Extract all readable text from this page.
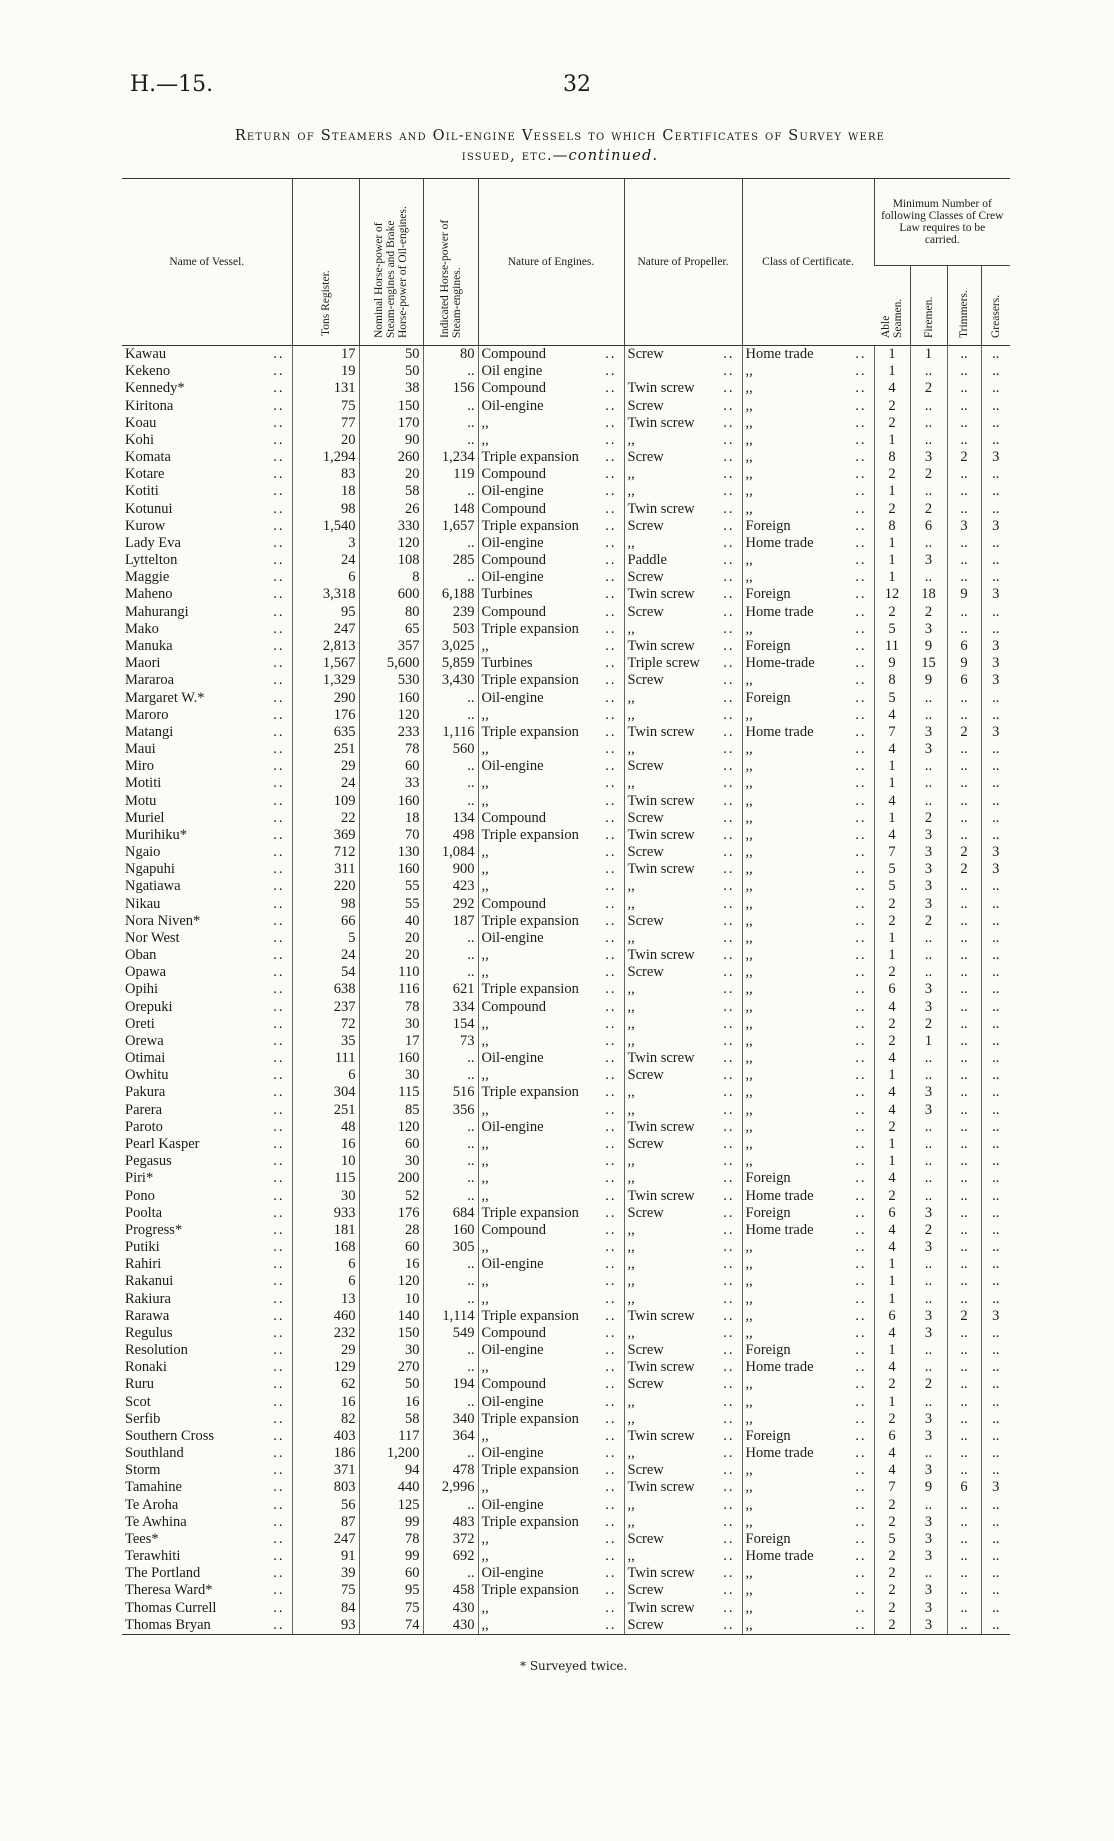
H.—15.	32
Return of Steamers and Oil-engine Vessels to which Certificates of Survey were
issued, etc.—continued.
Name of Vessel.	Tons Register.	Nominal Horse-power of Steam-engines and Brake Horse-power of Oil-engines.	Indicated Horse-power of Steam-engines.	Nature of Engines.	Nature of Propeller.	Class of Certificate.	Minimum Number of following Classes of Crew Law requires to be carried.			
							Able Seamen.	Firemen.	Trimmers.	Greasers.

Kawau ..	17	50	80	Compound ..	Screw ..	Home trade ..	1	1	..	..

Kekeno ..	19	50	..	Oil engine ..	..	,, ..	1	..	..	..

Kennedy* ..	131	38	156	Compound ..	Twin screw ..	,, ..	4	2	..	..

Kiritona ..	75	150	..	Oil-engine ..	Screw ..	,, ..	2	..	..	..

Koau ..	77	170	..	,, ..	Twin screw ..	,, ..	2	..	..	..

Kohi ..	20	90	..	,, ..	,, ..	,, ..	1	..	..	..

Komata ..	1,294	260	1,234	Triple expansion ..	Screw ..	,, ..	8	3	2	3

Kotare ..	83	20	119	Compound ..	,, ..	,, ..	2	2	..	..

Kotiti ..	18	58	..	Oil-engine ..	,, ..	,, ..	1	..	..	..

Kotunui ..	98	26	148	Compound ..	Twin screw ..	,, ..	2	2	..	..

Kurow ..	1,540	330	1,657	Triple expansion ..	Screw ..	Foreign ..	8	6	3	3

Lady Eva ..	3	120	..	Oil-engine ..	,, ..	Home trade ..	1	..	..	..

Lyttelton ..	24	108	285	Compound ..	Paddle ..	,, ..	1	3	..	..

Maggie ..	6	8	..	Oil-engine ..	Screw ..	,, ..	1	..	..	..

Maheno ..	3,318	600	6,188	Turbines ..	Twin screw ..	Foreign ..	12	18	9	3

Mahurangi ..	95	80	239	Compound ..	Screw ..	Home trade ..	2	2	..	..

Mako ..	247	65	503	Triple expansion ..	,, ..	,, ..	5	3	..	..

Manuka ..	2,813	357	3,025	,, ..	Twin screw ..	Foreign ..	11	9	6	3

Maori ..	1,567	5,600	5,859	Turbines ..	Triple screw ..	Home-trade ..	9	15	9	3

Mararoa ..	1,329	530	3,430	Triple expansion ..	Screw ..	,, ..	8	9	6	3

Margaret W.* ..	290	160	..	Oil-engine ..	,, ..	Foreign ..	5	..	..	..

Maroro ..	176	120	..	,, ..	,, ..	,, ..	4	..	..	..

Matangi ..	635	233	1,116	Triple expansion ..	Twin screw ..	Home trade ..	7	3	2	3

Maui ..	251	78	560	,, ..	,, ..	,, ..	4	3	..	..

Miro ..	29	60	..	Oil-engine ..	Screw ..	,, ..	1	..	..	..

Motiti ..	24	33	..	,, ..	,, ..	,, ..	1	..	..	..

Motu ..	109	160	..	,, ..	Twin screw ..	,, ..	4	..	..	..

Muriel ..	22	18	134	Compound ..	Screw ..	,, ..	1	2	..	..

Murihiku* ..	369	70	498	Triple expansion ..	Twin screw ..	,, ..	4	3	..	..

Ngaio ..	712	130	1,084	,, ..	Screw ..	,, ..	7	3	2	3

Ngapuhi ..	311	160	900	,, ..	Twin screw ..	,, ..	5	3	2	3

Ngatiawa ..	220	55	423	,, ..	,, ..	,, ..	5	3	..	..

Nikau ..	98	55	292	Compound ..	,, ..	,, ..	2	3	..	..

Nora Niven* ..	66	40	187	Triple expansion ..	Screw ..	,, ..	2	2	..	..

Nor West ..	5	20	..	Oil-engine ..	,, ..	,, ..	1	..	..	..

Oban ..	24	20	..	,, ..	Twin screw ..	,, ..	1	..	..	..

Opawa ..	54	110	..	,, ..	Screw ..	,, ..	2	..	..	..

Opihi ..	638	116	621	Triple expansion ..	,, ..	,, ..	6	3	..	..

Orepuki ..	237	78	334	Compound ..	,, ..	,, ..	4	3	..	..

Oreti ..	72	30	154	,, ..	,, ..	,, ..	2	2	..	..

Orewa ..	35	17	73	,, ..	,, ..	,, ..	2	1	..	..

Otimai ..	111	160	..	Oil-engine ..	Twin screw ..	,, ..	4	..	..	..

Owhitu ..	6	30	..	,, ..	Screw ..	,, ..	1	..	..	..

Pakura ..	304	115	516	Triple expansion ..	,, ..	,, ..	4	3	..	..

Parera ..	251	85	356	,, ..	,, ..	,, ..	4	3	..	..

Paroto ..	48	120	..	Oil-engine ..	Twin screw ..	,, ..	2	..	..	..

Pearl Kasper ..	16	60	..	,, ..	Screw ..	,, ..	1	..	..	..

Pegasus ..	10	30	..	,, ..	,, ..	,, ..	1	..	..	..

Piri* ..	115	200	..	,, ..	,, ..	Foreign ..	4	..	..	..

Pono ..	30	52	..	,, ..	Twin screw ..	Home trade ..	2	..	..	..

Poolta ..	933	176	684	Triple expansion ..	Screw ..	Foreign ..	6	3	..	..

Progress* ..	181	28	160	Compound ..	,, ..	Home trade ..	4	2	..	..

Putiki ..	168	60	305	,, ..	,, ..	,, ..	4	3	..	..

Rahiri ..	6	16	..	Oil-engine ..	,, ..	,, ..	1	..	..	..

Rakanui ..	6	120	..	,, ..	,, ..	,, ..	1	..	..	..

Rakiura ..	13	10	..	,, ..	,, ..	,, ..	1	..	..	..

Rarawa ..	460	140	1,114	Triple expansion ..	Twin screw ..	,, ..	6	3	2	3

Regulus ..	232	150	549	Compound ..	,, ..	,, ..	4	3	..	..

Resolution ..	29	30	..	Oil-engine ..	Screw ..	Foreign ..	1	..	..	..

Ronaki ..	129	270	..	,, ..	Twin screw ..	Home trade ..	4	..	..	..

Ruru ..	62	50	194	Compound ..	Screw ..	,, ..	2	2	..	..

Scot ..	16	16	..	Oil-engine ..	,, ..	,, ..	1	..	..	..

Serfib ..	82	58	340	Triple expansion ..	,, ..	,, ..	2	3	..	..

Southern Cross ..	403	117	364	,, ..	Twin screw ..	Foreign ..	6	3	..	..

Southland ..	186	1,200	..	Oil-engine ..	,, ..	Home trade ..	4	..	..	..

Storm ..	371	94	478	Triple expansion ..	Screw ..	,, ..	4	3	..	..

Tamahine ..	803	440	2,996	,, ..	Twin screw ..	,, ..	7	9	6	3

Te Aroha ..	56	125	..	Oil-engine ..	,, ..	,, ..	2	..	..	..

Te Awhina ..	87	99	483	Triple expansion ..	,, ..	,, ..	2	3	..	..

Tees* ..	247	78	372	,, ..	Screw ..	Foreign ..	5	3	..	..

Terawhiti ..	91	99	692	,, ..	,, ..	Home trade ..	2	3	..	..

The Portland ..	39	60	..	Oil-engine ..	Twin screw ..	,, ..	2	..	..	..

Theresa Ward* ..	75	95	458	Triple expansion ..	Screw ..	,, ..	2	3	..	..

Thomas Currell ..	84	75	430	,, ..	Twin screw ..	,, ..	2	3	..	..

Thomas Bryan ..	93	74	430	,, ..	Screw ..	,, ..	2	3	..	..
* Surveyed twice.
